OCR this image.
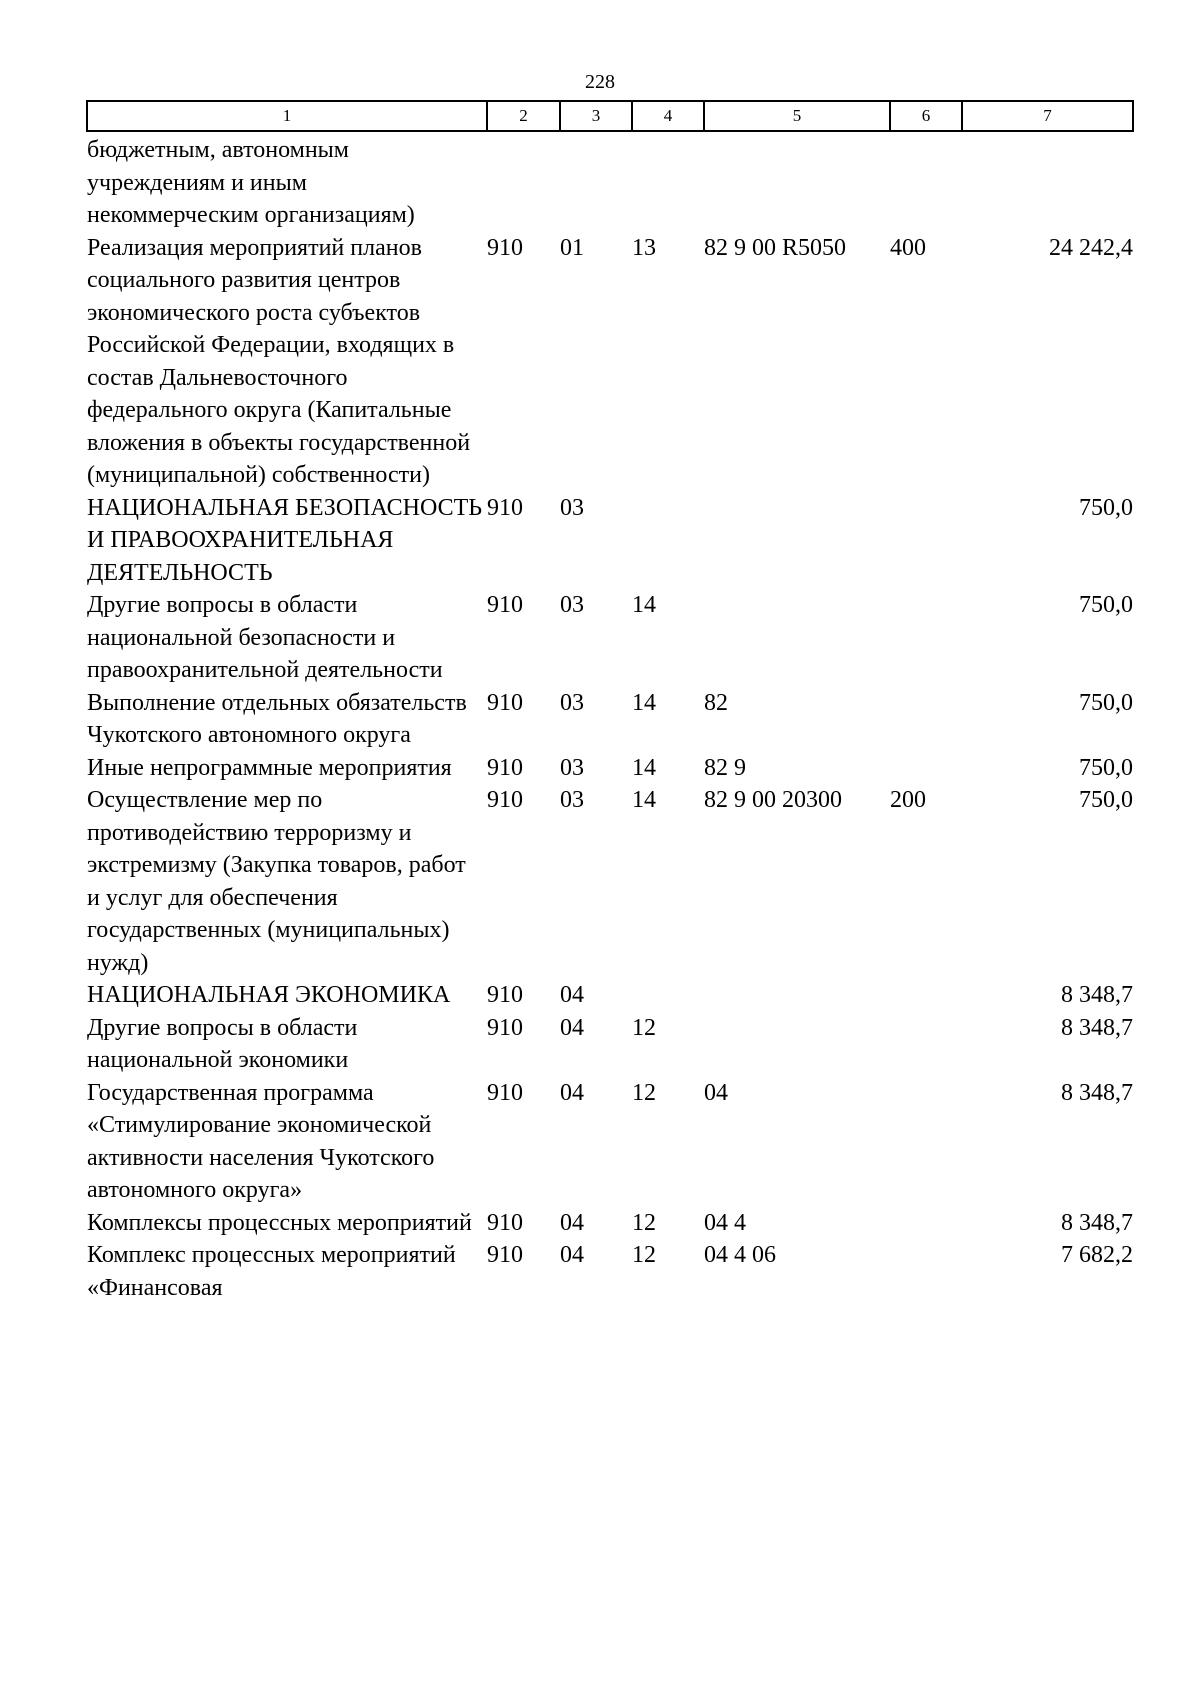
228
1	2	3	4	5	6	7
бюджетным, автономным учреждениям и иным некоммерческим организациям)						
Реализация мероприятий планов социального развития центров экономического роста субъектов Российской Федерации, входящих в состав Дальневосточного федерального округа (Капитальные вложения в объекты государственной (муниципальной) собственности)	910	01	13	82 9 00 R5050	400	24 242,4
НАЦИОНАЛЬНАЯ БЕЗОПАСНОСТЬ И ПРАВООХРАНИТЕЛЬНАЯ ДЕЯТЕЛЬНОСТЬ	910	03				750,0
Другие вопросы в области национальной безопасности и правоохранительной деятельности	910	03	14			750,0
Выполнение отдельных обязательств Чукотского автономного округа	910	03	14	82		750,0
Иные непрограммные мероприятия	910	03	14	82 9		750,0
Осуществление мер по противодействию терроризму и экстремизму (Закупка товаров, работ и услуг для обеспечения государственных (муниципальных) нужд)	910	03	14	82 9 00 20300	200	750,0
НАЦИОНАЛЬНАЯ ЭКОНОМИКА	910	04				8 348,7
Другие вопросы в области национальной экономики	910	04	12			8 348,7
Государственная программа «Стимулирование экономической активности населения Чукотского автономного округа»	910	04	12	04		8 348,7
Комплексы процессных мероприятий	910	04	12	04 4		8 348,7
Комплекс процессных мероприятий «Финансовая	910	04	12	04 4 06		7 682,2
